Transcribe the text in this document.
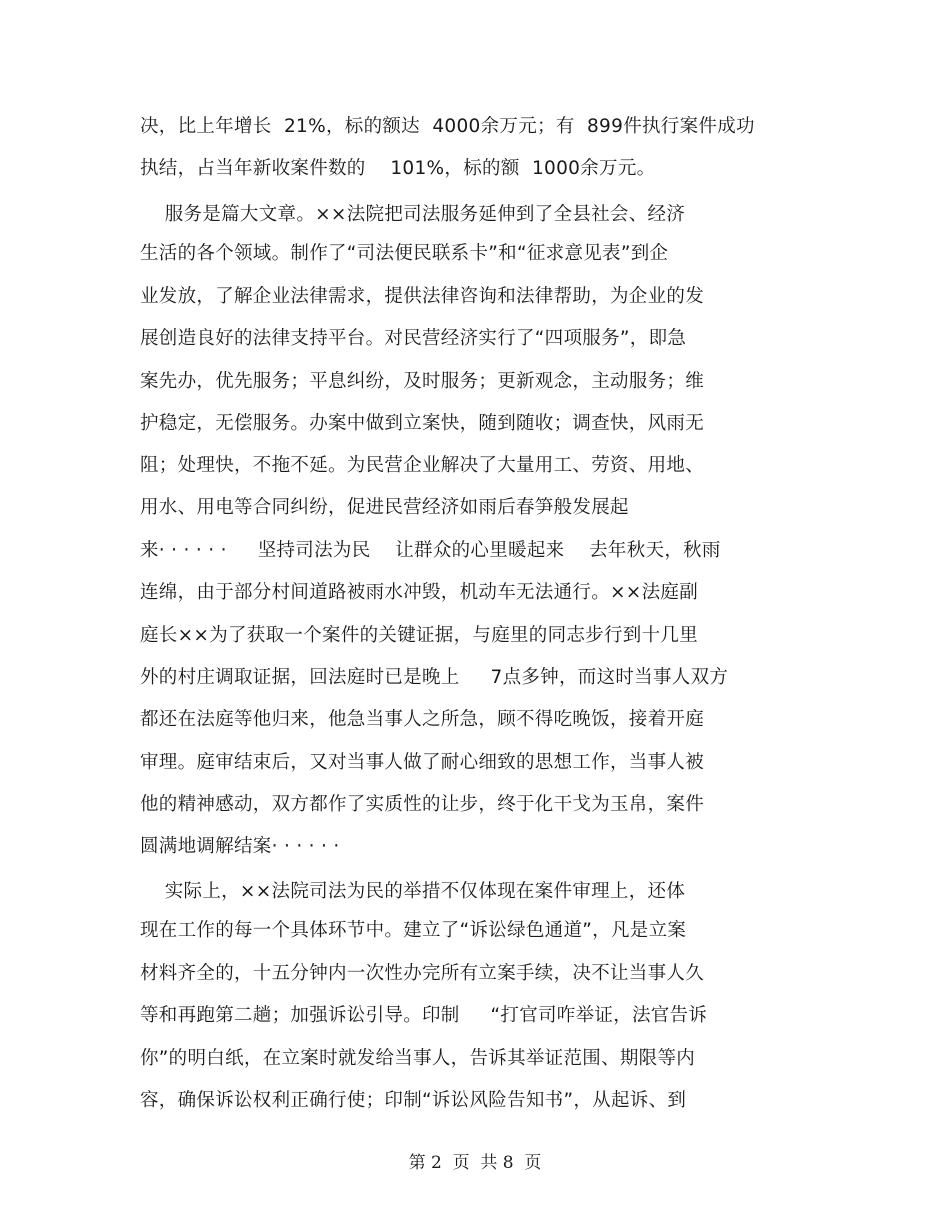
决，比上年增长  21%，标的额达  4000余万元；有  899件执行案件成功
执结，占当年新收案件数的    101%，标的额  1000余万元。
服务是篇大文章。××法院把司法服务延伸到了全县社会、经济
生活的各个领域。制作了“司法便民联系卡”和“征求意见表”到企
业发放，了解企业法律需求，提供法律咨询和法律帮助，为企业的发
展创造良好的法律支持平台。对民营经济实行了“四项服务”，即急
案先办，优先服务；平息纠纷，及时服务；更新观念，主动服务；维
护稳定，无偿服务。办案中做到立案快，随到随收；调查快，风雨无
阻；处理快，不拖不延。为民营企业解决了大量用工、劳资、用地、
用水、用电等合同纠纷，促进民营经济如雨后春笋般发展起
来· · · · · ·     坚持司法为民    让群众的心里暖起来    去年秋天，秋雨
连绵，由于部分村间道路被雨水冲毁，机动车无法通行。××法庭副
庭长××为了获取一个案件的关键证据，与庭里的同志步行到十几里
外的村庄调取证据，回法庭时已是晚上     7点多钟，而这时当事人双方
都还在法庭等他归来，他急当事人之所急，顾不得吃晚饭，接着开庭
审理。庭审结束后，又对当事人做了耐心细致的思想工作，当事人被
他的精神感动，双方都作了实质性的让步，终于化干戈为玉帛，案件
圆满地调解结案· · · · · ·
实际上，××法院司法为民的举措不仅体现在案件审理上，还体
现在工作的每一个具体环节中。建立了“诉讼绿色通道”，凡是立案
材料齐全的，十五分钟内一次性办完所有立案手续，决不让当事人久
等和再跑第二趟；加强诉讼引导。印制     “打官司咋举证，法官告诉
你”的明白纸，在立案时就发给当事人，告诉其举证范围、期限等内
容，确保诉讼权利正确行使；印制“诉讼风险告知书”，从起诉、到
第 2  页  共 8  页
